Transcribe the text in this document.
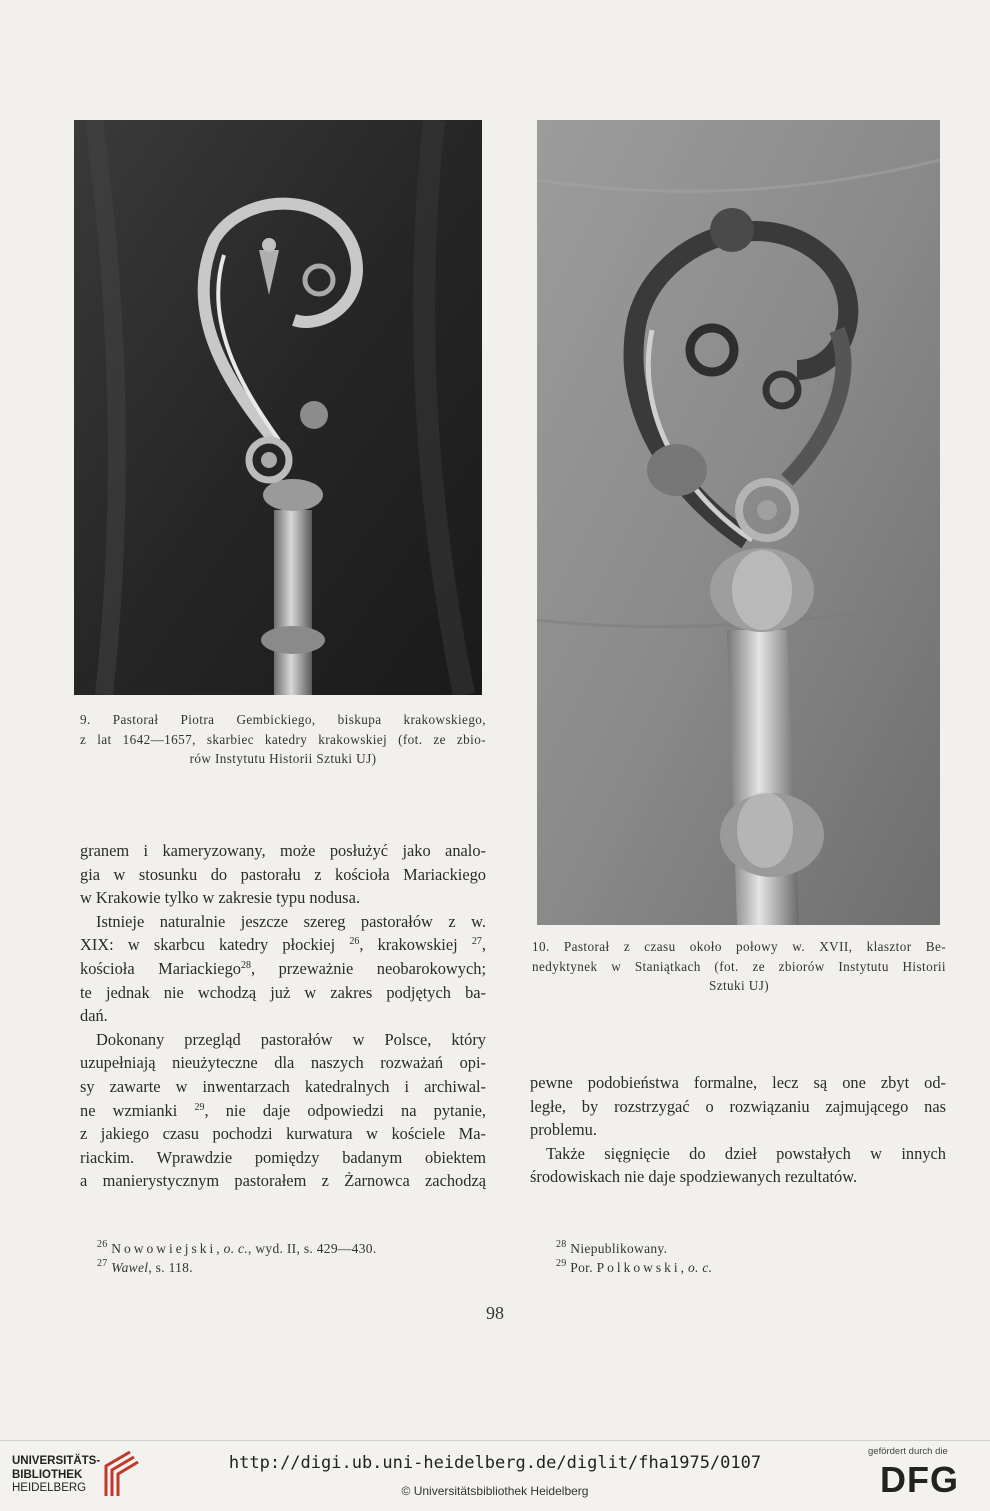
9. Pastorał Piotra Gembickiego, biskupa krakowskiego,
z lat 1642—1657, skarbiec katedry krakowskiej (fot. ze zbio-
rów Instytutu Historii Sztuki UJ)
10. Pastorał z czasu około połowy w. XVII, klasztor Be-
nedyktynek w Staniątkach (fot. ze zbiorów Instytutu Historii
Sztuki UJ)
granem i kameryzowany, może posłużyć jako analo-
gia w stosunku do pastorału z kościoła Mariackiego
w Krakowie tylko w zakresie typu nodusa.
Istnieje naturalnie jeszcze szereg pastorałów z w.
XIX: w skarbcu katedry płockiej $^{26}$, krakowskiej $^{27}$,
kościoła Mariackiego$^{28}$, przeważnie neobarokowych;
te jednak nie wchodzą już w zakres podjętych ba-
dań.
Dokonany przegląd pastorałów w Polsce, który
uzupełniają nieużyteczne dla naszych rozważań opi-
sy zawarte w inwentarzach katedralnych i archiwal-
ne wzmianki $^{29}$, nie daje odpowiedzi na pytanie,
z jakiego czasu pochodzi kurwatura w kościele Ma-
riackim. Wprawdzie pomiędzy badanym obiektem
a manierystycznym pastorałem z Żarnowca zachodzą
pewne podobieństwa formalne, lecz są one zbyt od-
ległe, by rozstrzygać o rozwiązaniu zajmującego nas
problemu.
Także sięgnięcie do dzieł powstałych w innych
środowiskach nie daje spodziewanych rezultatów.
$^{26}$ Nowowiejski, o. c., wyd. II, s. 429—430.
$^{27}$ Wawel, s. 118.
$^{28}$ Niepublikowany.
$^{29}$ Por. Polkowski, o. c.
98
UNIVERSITÄTS-
BIBLIOTHEK
HEIDELBERG
http://digi.ub.uni-heidelberg.de/diglit/fha1975/0107
© Universitätsbibliothek Heidelberg
gefördert durch die
DFG
